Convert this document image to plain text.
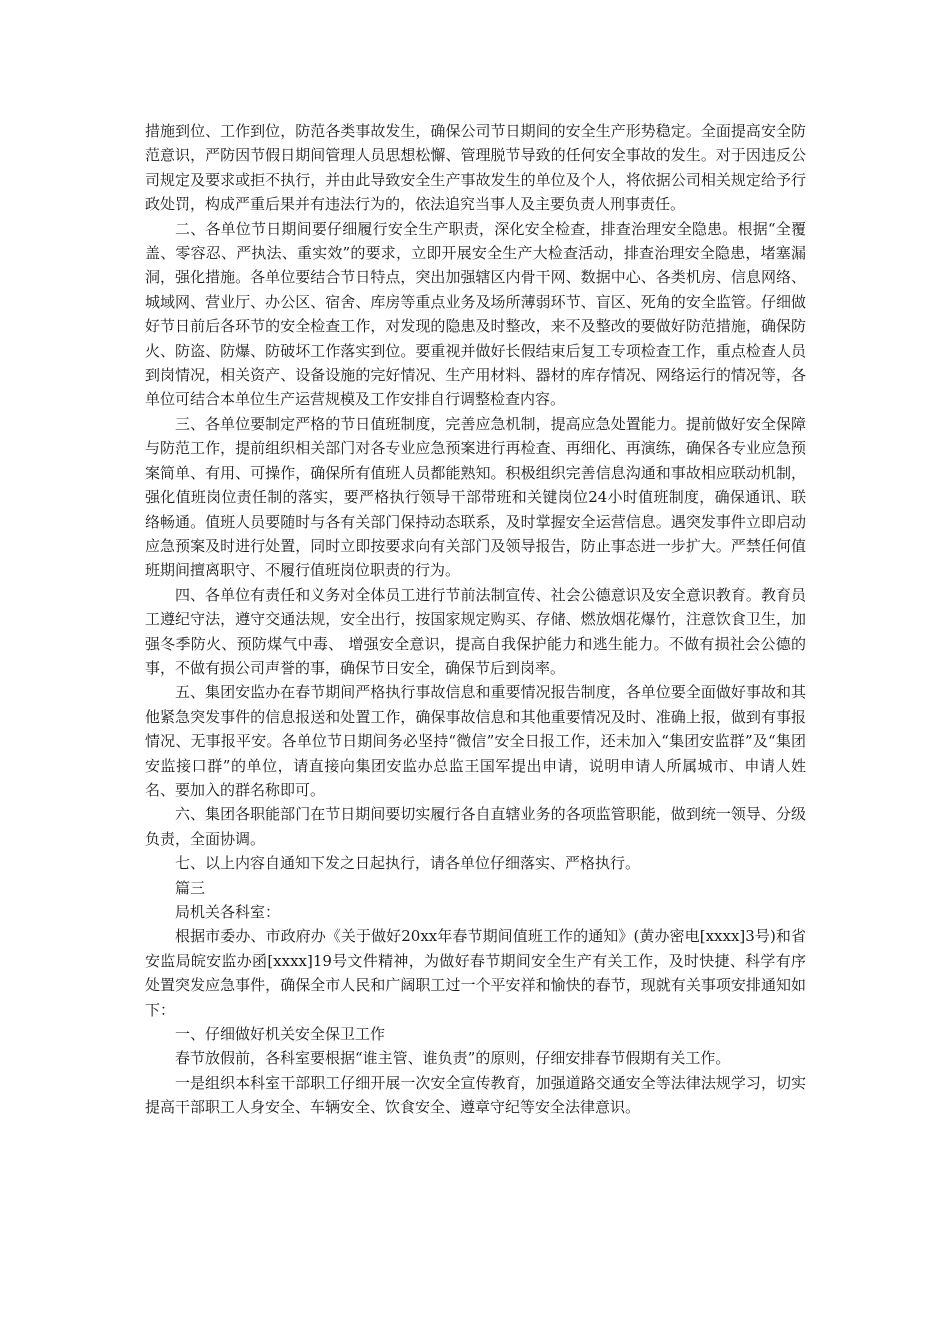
措施到位、工作到位，防范各类事故发生，确保公司节日期间的安全生产形势稳定。全面提高安全防范意识，严防因节假日期间管理人员思想松懈、管理脱节导致的任何安全事故的发生。对于因违反公司规定及要求或拒不执行，并由此导致安全生产事故发生的单位及个人，将依据公司相关规定给予行政处罚，构成严重后果并有违法行为的，依法追究当事人及主要负责人刑事责任。

二、各单位节日期间要仔细履行安全生产职责，深化安全检查，排查治理安全隐患。根据“全覆盖、零容忍、严执法、重实效”的要求，立即开展安全生产大检查活动，排查治理安全隐患，堵塞漏洞，强化措施。各单位要结合节日特点，突出加强辖区内骨干网、数据中心、各类机房、信息网络、城域网、营业厅、办公区、宿舍、库房等重点业务及场所薄弱环节、盲区、死角的安全监管。仔细做好节日前后各环节的安全检查工作，对发现的隐患及时整改，来不及整改的要做好防范措施，确保防火、防盗、防爆、防破坏工作落实到位。要重视并做好长假结束后复工专项检查工作，重点检查人员到岗情况，相关资产、设备设施的完好情况、生产用材料、器材的库存情况、网络运行的情况等，各单位可结合本单位生产运营规模及工作安排自行调整检查内容。

三、各单位要制定严格的节日值班制度，完善应急机制，提高应急处置能力。提前做好安全保障与防范工作，提前组织相关部门对各专业应急预案进行再检查、再细化、再演练，确保各专业应急预案简单、有用、可操作，确保所有值班人员都能熟知。积极组织完善信息沟通和事故相应联动机制，强化值班岗位责任制的落实，要严格执行领导干部带班和关键岗位24小时值班制度，确保通讯、联络畅通。值班人员要随时与各有关部门保持动态联系，及时掌握安全运营信息。遇突发事件立即启动应急预案及时进行处置，同时立即按要求向有关部门及领导报告，防止事态进一步扩大。严禁任何值班期间擅离职守、不履行值班岗位职责的行为。

四、各单位有责任和义务对全体员工进行节前法制宣传、社会公德意识及安全意识教育。教育员工遵纪守法，遵守交通法规，安全出行，按国家规定购买、存储、燃放烟花爆竹，注意饮食卫生，加强冬季防火、预防煤气中毒、 增强安全意识，提高自我保护能力和逃生能力。不做有损社会公德的事，不做有损公司声誉的事，确保节日安全，确保节后到岗率。

五、集团安监办在春节期间严格执行事故信息和重要情况报告制度，各单位要全面做好事故和其他紧急突发事件的信息报送和处置工作，确保事故信息和其他重要情况及时、准确上报，做到有事报情况、无事报平安。各单位节日期间务必坚持“微信”安全日报工作，还未加入“集团安监群”及“集团安监接口群”的单位，请直接向集团安监办总监王国军提出申请，说明申请人所属城市、申请人姓名、要加入的群名称即可。

六、集团各职能部门在节日期间要切实履行各自直辖业务的各项监管职能，做到统一领导、分级负责，全面协调。

七、以上内容自通知下发之日起执行，请各单位仔细落实、严格执行。

篇三

局机关各科室：

根据市委办、市政府办《关于做好20xx年春节期间值班工作的通知》(黄办密电[xxxx]3号)和省安监局皖安监办函[xxxx]19号文件精神，为做好春节期间安全生产有关工作，及时快捷、科学有序处置突发应急事件，确保全市人民和广阔职工过一个平安祥和愉快的春节，现就有关事项安排通知如下：

一、仔细做好机关安全保卫工作

春节放假前，各科室要根据“谁主管、谁负责”的原则，仔细安排春节假期有关工作。

一是组织本科室干部职工仔细开展一次安全宣传教育，加强道路交通安全等法律法规学习，切实提高干部职工人身安全、车辆安全、饮食安全、遵章守纪等安全法律意识。
